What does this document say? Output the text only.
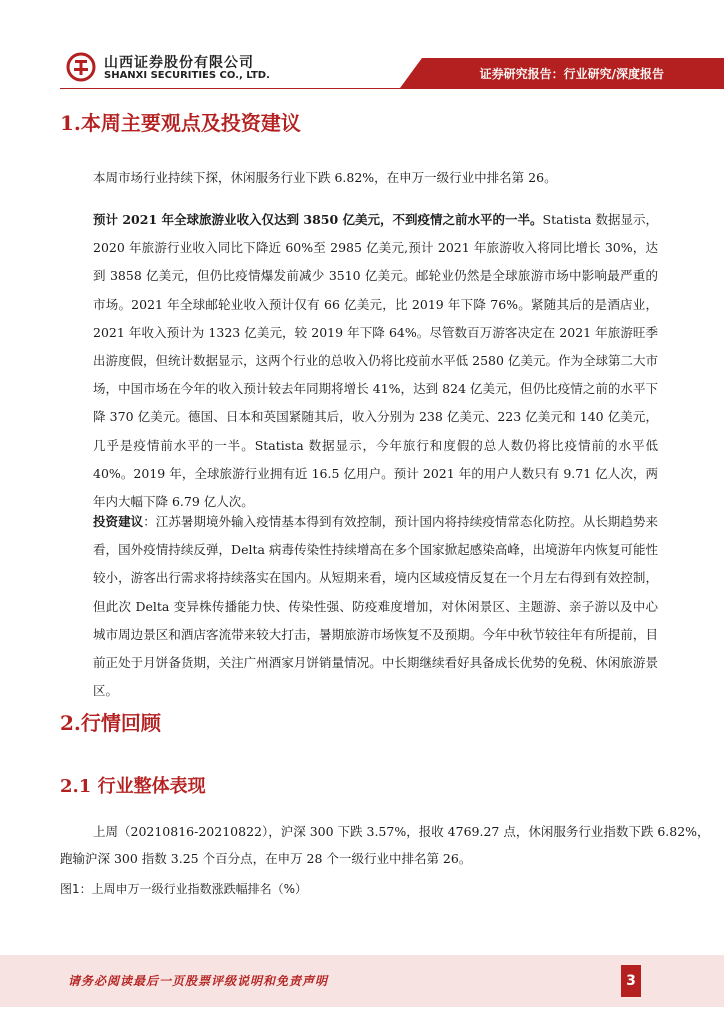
山西证券股份有限公司
SHANXI SECURITIES CO., LTD.	证券研究报告：行业研究/深度报告
1.本周主要观点及投资建议

本周市场行业持续下探，休闲服务行业下跌 6.82%，在申万一级行业中排名第 26。

预计 2021 年全球旅游业收入仅达到 3850 亿美元，不到疫情之前水平的一半。Statista 数据显示，2020 年旅游行业收入同比下降近 60%至 2985 亿美元,预计 2021 年旅游收入将同比增长 30%，达到 3858 亿美元，但仍比疫情爆发前减少 3510 亿美元。邮轮业仍然是全球旅游市场中影响最严重的市场。2021 年全球邮轮业收入预计仅有 66 亿美元，比 2019 年下降 76%。紧随其后的是酒店业，2021 年收入预计为 1323 亿美元，较 2019 年下降 64%。尽管数百万游客决定在 2021 年旅游旺季出游度假，但统计数据显示，这两个行业的总收入仍将比疫前水平低 2580 亿美元。作为全球第二大市场，中国市场在今年的收入预计较去年同期将增长 41%，达到 824 亿美元，但仍比疫情之前的水平下降 370 亿美元。德国、日本和英国紧随其后，收入分别为 238 亿美元、223 亿美元和 140 亿美元，几乎是疫情前水平的一半。Statista 数据显示，今年旅行和度假的总人数仍将比疫情前的水平低 40%。2019 年，全球旅游行业拥有近 16.5 亿用户。预计 2021 年的用户人数只有 9.71 亿人次，两年内大幅下降 6.79 亿人次。

投资建议：江苏暑期境外输入疫情基本得到有效控制，预计国内将持续疫情常态化防控。从长期趋势来看，国外疫情持续反弹，Delta 病毒传染性持续增高在多个国家掀起感染高峰，出境游年内恢复可能性较小，游客出行需求将持续落实在国内。从短期来看，境内区域疫情反复在一个月左右得到有效控制，但此次 Delta 变异株传播能力快、传染性强、防疫难度增加，对休闲景区、主题游、亲子游以及中心城市周边景区和酒店客流带来较大打击，暑期旅游市场恢复不及预期。今年中秋节较往年有所提前，目前正处于月饼备货期，关注广州酒家月饼销量情况。中长期继续看好具备成长优势的免税、休闲旅游景区。

2.行情回顾
2.1 行业整体表现
上周（20210816-20210822），沪深 300 下跌 3.57%，报收 4769.27 点，休闲服务行业指数下跌 6.82%，
跑输沪深 300 指数 3.25 个百分点，在申万 28 个一级行业中排名第 26。
图1：上周申万一级行业指数涨跌幅排名（%）
请务必阅读最后一页股票评级说明和免责声明	3
